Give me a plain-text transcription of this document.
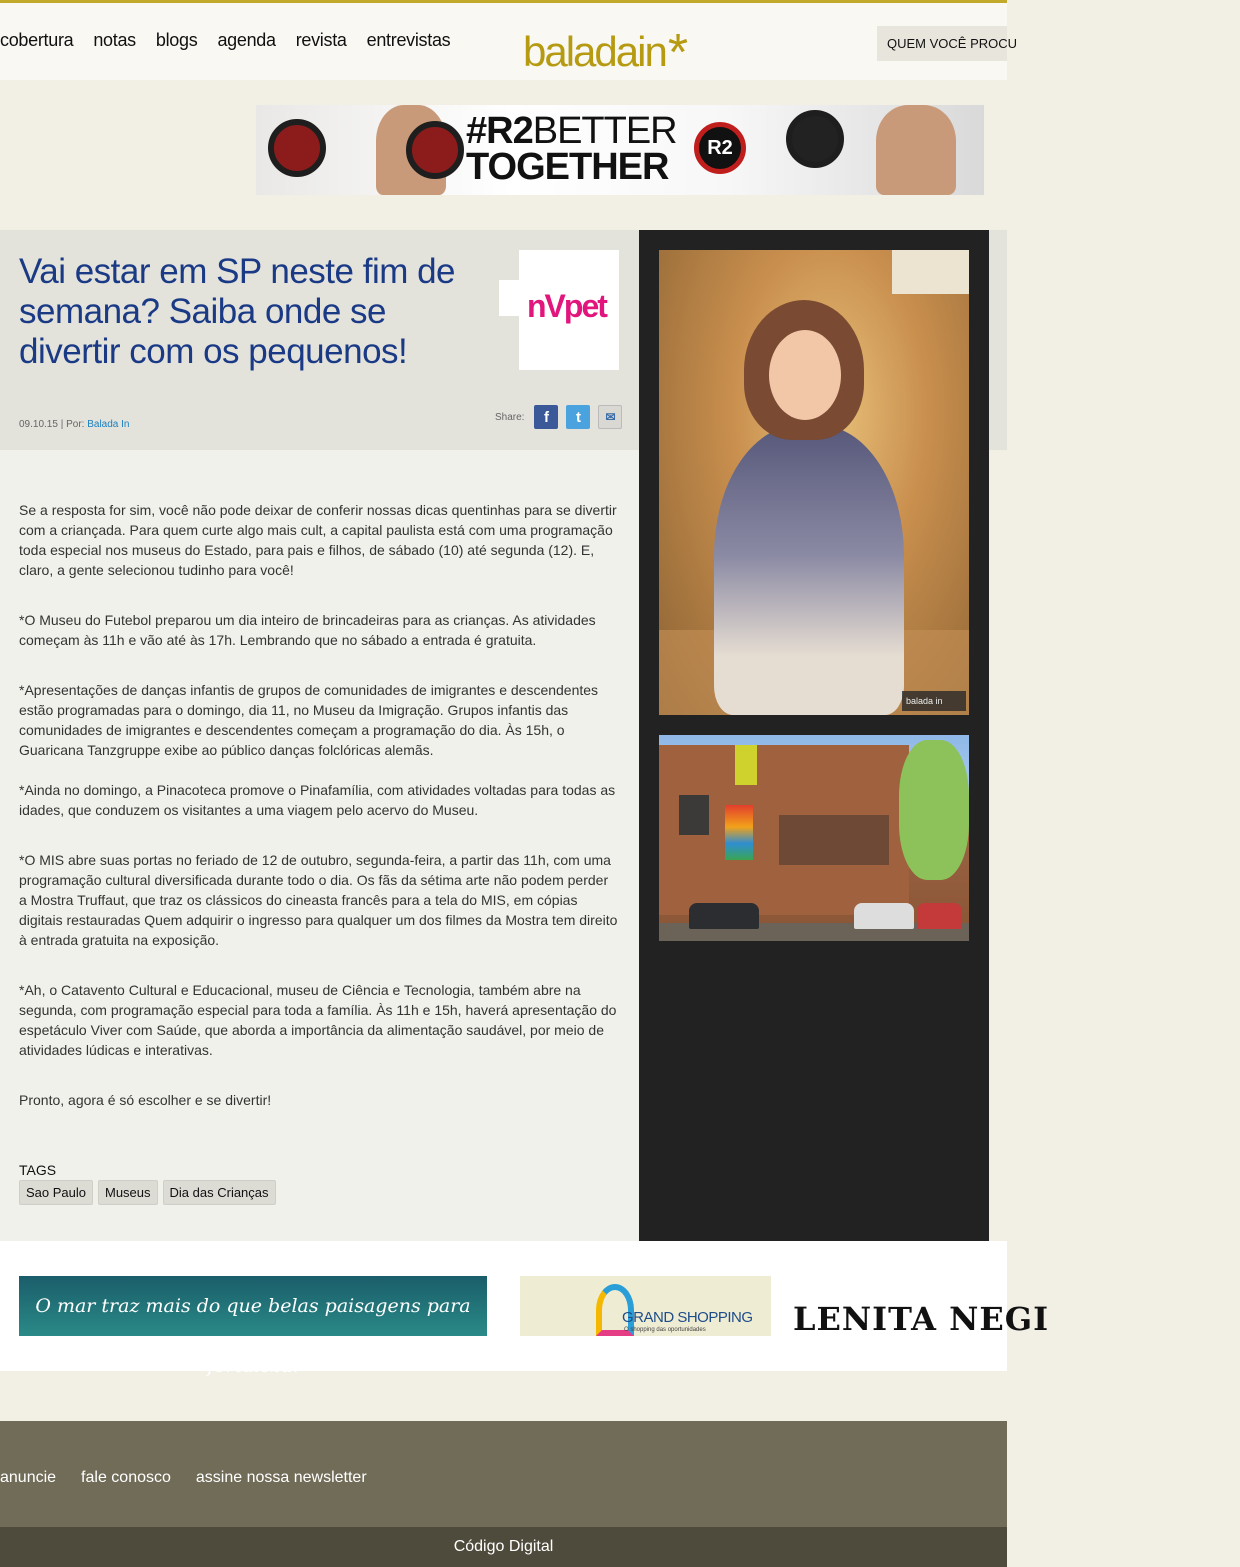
cobertura notas blogs agenda revista entrevistas baladain*	QUEM VOCÊ PROCU
#R2BETTER
TOGETHER	R2
Vai estar em SP neste fim de semana? Saiba onde se divertir com os pequenos!
nVpet
09.10.15 | Por: Balada In
Share:	f	t	✉

Se a resposta for sim, você não pode deixar de conferir nossas dicas quentinhas para se divertir com a criançada. Para quem curte algo mais cult, a capital paulista está com uma programação toda especial nos museus do Estado, para pais e filhos, de sábado (10) até segunda (12). E, claro, a gente selecionou tudinho para você!

*O Museu do Futebol preparou um dia inteiro de brincadeiras para as crianças. As atividades começam às 11h e vão até às 17h. Lembrando que no sábado a entrada é gratuita.

*Apresentações de danças infantis de grupos de comunidades de imigrantes e descendentes estão programadas para o domingo, dia 11, no Museu da Imigração. Grupos infantis das comunidades de imigrantes e descendentes começam a programação do dia. Às 15h, o Guaricana Tanzgruppe exibe ao público danças folclóricas alemãs.

*Ainda no domingo, a Pinacoteca promove o Pinafamília, com atividades voltadas para todas as idades, que conduzem os visitantes a uma viagem pelo acervo do Museu.

*O MIS abre suas portas no feriado de 12 de outubro, segunda-feira, a partir das 11h, com uma programação cultural diversificada durante todo o dia. Os fãs da sétima arte não podem perder a Mostra Truffaut, que traz os clássicos do cineasta francês para a tela do MIS, em cópias digitais restauradas Quem adquirir o ingresso para qualquer um dos filmes da Mostra tem direito à entrada gratuita na exposição.

*Ah, o Catavento Cultural e Educacional, museu de Ciência e Tecnologia, também abre na segunda, com programação especial para toda a família. Às 11h e 15h, haverá apresentação do espetáculo Viver com Saúde, que aborda a importância da alimentação saudável, por meio de atividades lúdicas e interativas.

Pronto, agora é só escolher e se divertir!

TAGS
Sao Paulo	Museus	Dia das Crianças
balada in
O mar traz mais do que belas paisagens para fortaleza.
GRAND SHOPPING
O shopping das oportunidades	LENITA NEGI
anuncie fale conosco assine nossa newsletter
Código Digital
